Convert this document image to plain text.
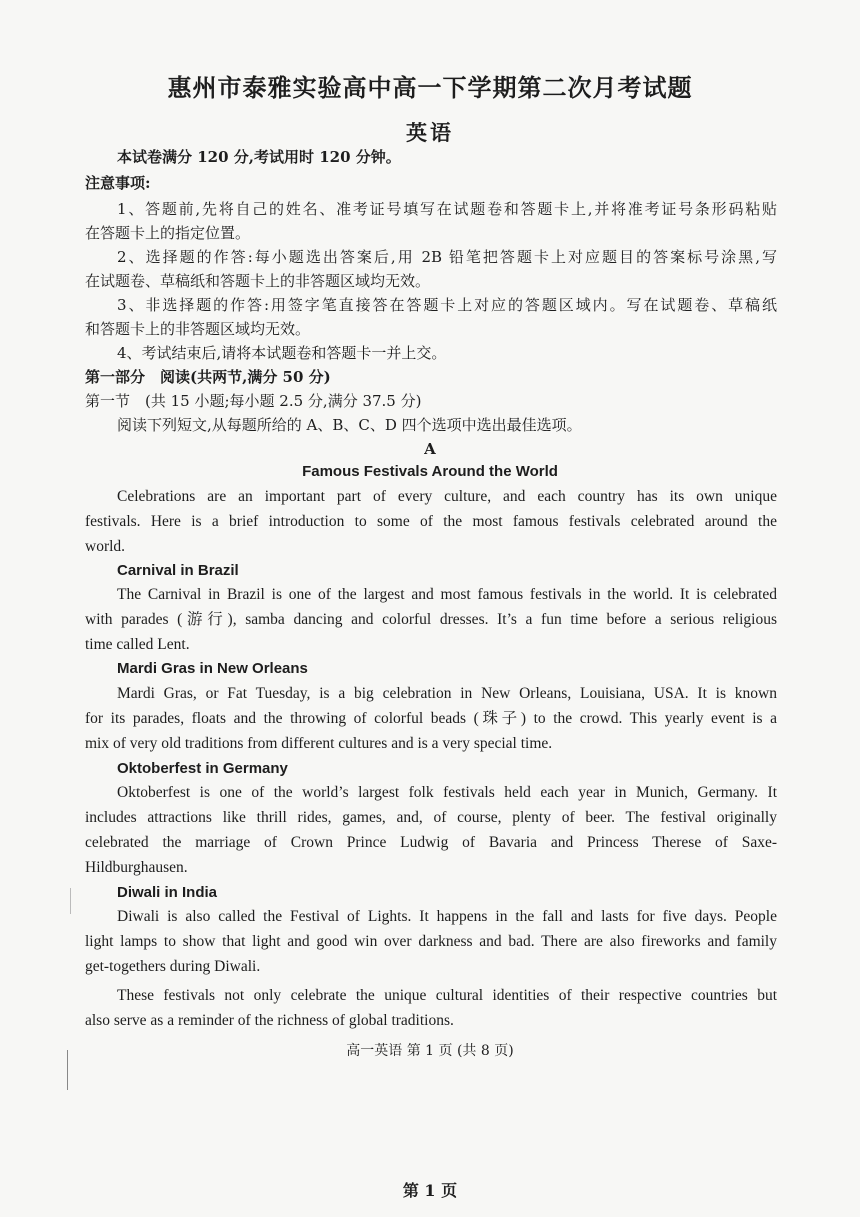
惠州市泰雅实验高中高一下学期第二次月考试题
英语
本试卷满分 120 分,考试用时 120 分钟。
注意事项:
1、答题前,先将自己的姓名、准考证号填写在试题卷和答题卡上,并将准考证号条形码粘贴
在答题卡上的指定位置。
2、选择题的作答:每小题选出答案后,用 2B 铅笔把答题卡上对应题目的答案标号涂黑,写
在试题卷、草稿纸和答题卡上的非答题区域均无效。
3、非选择题的作答:用签字笔直接答在答题卡上对应的答题区域内。写在试题卷、草稿纸
和答题卡上的非答题区域均无效。
4、考试结束后,请将本试题卷和答题卡一并上交。
第一部分　阅读(共两节,满分 50 分)
第一节　(共 15 小题;每小题 2.5 分,满分 37.5 分)
阅读下列短文,从每题所给的 A、B、C、D 四个选项中选出最佳选项。
A
Famous Festivals Around the World
Celebrations are an important part of every culture, and each country has its own unique
festivals. Here is a brief introduction to some of the most famous festivals celebrated around the
world.
Carnival in Brazil
The Carnival in Brazil is one of the largest and most famous festivals in the world. It is celebrated
with parades (游行), samba dancing and colorful dresses. It’s a fun time before a serious religious
time called Lent.
Mardi Gras in New Orleans
Mardi Gras, or Fat Tuesday, is a big celebration in New Orleans, Louisiana, USA. It is known
for its parades, floats and the throwing of colorful beads (珠子) to the crowd. This yearly event is a
mix of very old traditions from different cultures and is a very special time.
Oktoberfest in Germany
Oktoberfest is one of the world’s largest folk festivals held each year in Munich, Germany. It
includes attractions like thrill rides, games, and, of course, plenty of beer. The festival originally
celebrated the marriage of Crown Prince Ludwig of Bavaria and Princess Therese of Saxe-
Hildburghausen.
Diwali in India
Diwali is also called the Festival of Lights. It happens in the fall and lasts for five days. People
light lamps to show that light and good win over darkness and bad. There are also fireworks and family
get-togethers during Diwali.
These festivals not only celebrate the unique cultural identities of their respective countries but
also serve as a reminder of the richness of global traditions.
高一英语 第 1 页 (共 8 页)
第 1 页
